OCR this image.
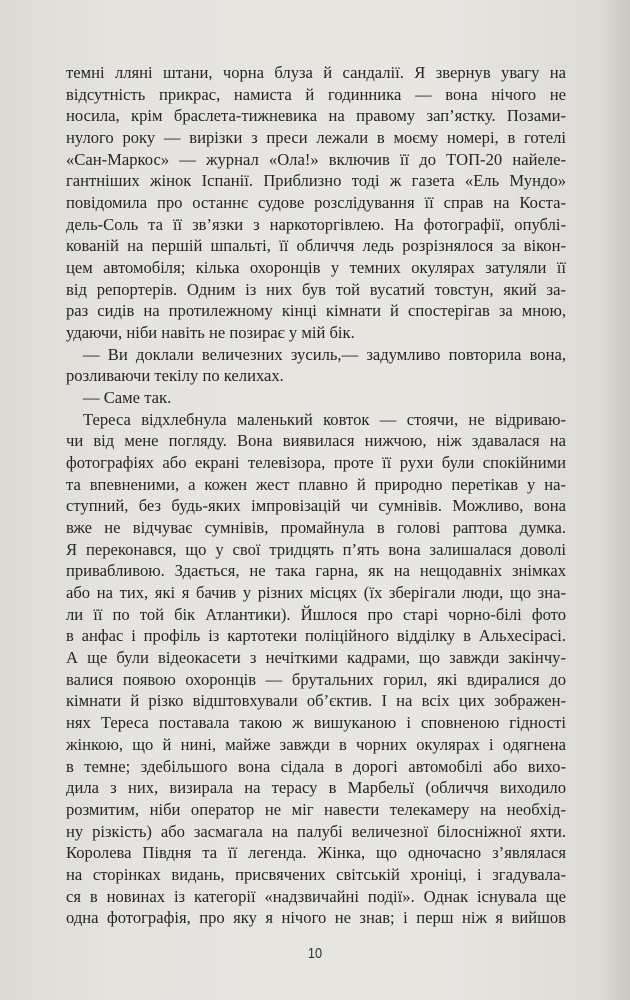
темні лляні штани, чорна блуза й сандалії. Я звернув увагу на
відсутність прикрас, намиста й годинника — вона нічого не
носила, крім браслета-тижневика на правому зап’ястку. Позами-
нулого року — вирізки з преси лежали в моєму номері, в готелі
«Сан-Маркос» — журнал «Ола!» включив її до ТОП-20 найеле-
гантніших жінок Іспанії. Приблизно тоді ж газета «Ель Мундо»
повідомила про останнє судове розслідування її справ на Коста-
дель-Соль та її зв’язки з наркоторгівлею. На фотографії, опублі-
кованій на першій шпальті, її обличчя ледь розрізнялося за вікон-
цем автомобіля; кілька охоронців у темних окулярах затуляли її
від репортерів. Одним із них був той вусатий товстун, який за-
раз сидів на протилежному кінці кімнати й спостерігав за мною,
удаючи, ніби навіть не позирає у мій бік.
— Ви доклали величезних зусиль,— задумливо повторила вона,
розливаючи текілу по келихах.
— Саме так.
Тереса відхлебнула маленький ковток — стоячи, не відриваю-
чи від мене погляду. Вона виявилася нижчою, ніж здавалася на
фотографіях або екрані телевізора, проте її рухи були спокійними
та впевненими, а кожен жест плавно й природно перетікав у на-
ступний, без будь-яких імпровізацій чи сумнівів. Можливо, вона
вже не відчуває сумнівів, промайнула в голові раптова думка.
Я переконався, що у свої тридцять п’ять вона залишалася доволі
привабливою. Здається, не така гарна, як на нещодавніх знімках
або на тих, які я бачив у різних місцях (їх зберігали люди, що зна-
ли її по той бік Атлантики). Йшлося про старі чорно-білі фото
в анфас і профіль із картотеки поліційного відділку в Альхесірасі.
А ще були відеокасети з нечіткими кадрами, що завжди закінчу-
валися появою охоронців — брутальних горил, які вдиралися до
кімнати й різко відштовхували об’єктив. І на всіх цих зображен-
нях Тереса поставала такою ж вишуканою і сповненою гідності
жінкою, що й нині, майже завжди в чорних окулярах і одягнена
в темне; здебільшого вона сідала в дорогі автомобілі або вихо-
дила з них, визирала на терасу в Марбельї (обличчя виходило
розмитим, ніби оператор не міг навести телекамеру на необхід-
ну різкість) або засмагала на палубі величезної білосніжної яхти.
Королева Півдня та її легенда. Жінка, що одночасно з’являлася
на сторінках видань, присвячених світській хроніці, і згадувала-
ся в новинах із категорії «надзвичайні події». Однак існувала ще
одна фотографія, про яку я нічого не знав; і перш ніж я вийшов
10
